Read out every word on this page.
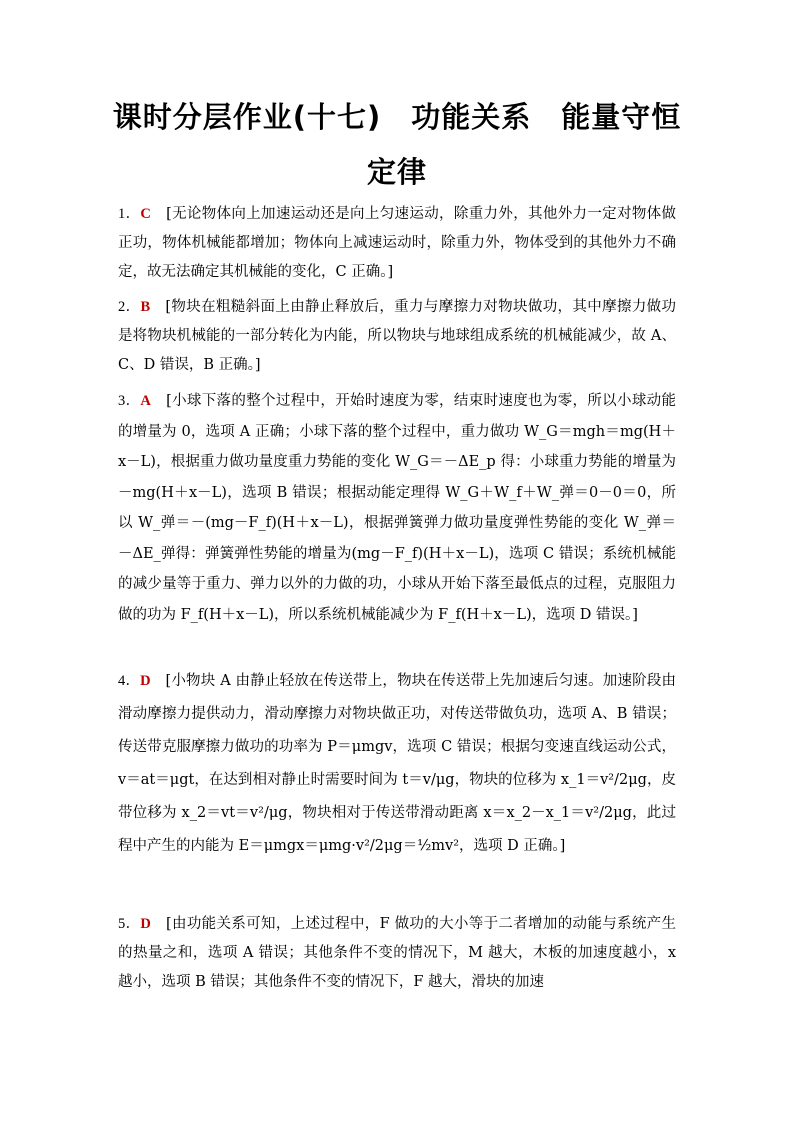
课时分层作业(十七)　功能关系　能量守恒
定律
1．C　 [无论物体向上加速运动还是向上匀速运动，除重力外，其他外力一定对物体做正功，物体机械能都增加；物体向上减速运动时，除重力外，物体受到的其他外力不确定，故无法确定其机械能的变化，C 正确。]
2．B　 [物块在粗糙斜面上由静止释放后，重力与摩擦力对物块做功，其中摩擦力做功是将物块机械能的一部分转化为内能，所以物块与地球组成系统的机械能减少，故 A、C、D 错误，B 正确。]
3．A　 [小球下落的整个过程中，开始时速度为零，结束时速度也为零，所以小球动能的增量为 0，选项 A 正确；小球下落的整个过程中，重力做功 W_G＝mgh＝mg(H＋x－L)，根据重力做功量度重力势能的变化 W_G＝－ΔE_p 得：小球重力势能的增量为－mg(H＋x－L)，选项 B 错误；根据动能定理得 W_G＋W_f＋W_弹＝0－0＝0，所以 W_弹＝－(mg－F_f)(H＋x－L)，根据弹簧弹力做功量度弹性势能的变化 W_弹＝－ΔE_弹得：弹簧弹性势能的增量为(mg－F_f)(H＋x－L)，选项 C 错误；系统机械能的减少量等于重力、弹力以外的力做的功，小球从开始下落至最低点的过程，克服阻力做的功为 F_f(H＋x－L)，所以系统机械能减少为 F_f(H＋x－L)，选项 D 错误。]
4．D　 [小物块 A 由静止轻放在传送带上，物块在传送带上先加速后匀速。加速阶段由滑动摩擦力提供动力，滑动摩擦力对物块做正功，对传送带做负功，选项 A、B 错误；传送带克服摩擦力做功的功率为 P＝μmgv，选项 C 错误；根据匀变速直线运动公式，v＝at＝μgt，在达到相对静止时需要时间为 t＝v/μg，物块的位移为 x_1＝v²/2μg，皮带位移为 x_2＝vt＝v²/μg，物块相对于传送带滑动距离 x＝x_2－x_1＝v²/2μg，此过程中产生的内能为 E＝μmgx＝μmg·v²/2μg＝½mv²，选项 D 正确。]
5．D　 [由功能关系可知，上述过程中，F 做功的大小等于二者增加的动能与系统产生的热量之和，选项 A 错误；其他条件不变的情况下，M 越大，木板的加速度越小，x 越小，选项 B 错误；其他条件不变的情况下，F 越大，滑块的加速
